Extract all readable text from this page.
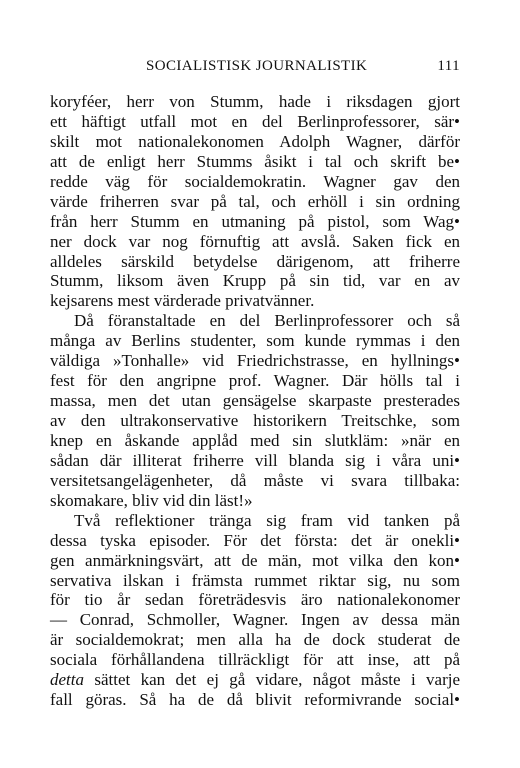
SOCIALISTISK JOURNALISTIK	111
koryféer, herr von Stumm, hade i riksdagen gjort
ett häftigt utfall mot en del Berlinprofessorer, sär•
skilt mot nationalekonomen Adolph Wagner, därför
att de enligt herr Stumms åsikt i tal och skrift be•
redde väg för socialdemokratin. Wagner gav den
värde friherren svar på tal, och erhöll i sin ordning
från herr Stumm en utmaning på pistol, som Wag•
ner dock var nog förnuftig att avslå. Saken fick en
alldeles särskild betydelse därigenom, att friherre
Stumm, liksom även Krupp på sin tid, var en av
kejsarens mest värderade privatvänner.
Då föranstaltade en del Berlinprofessorer och så
många av Berlins studenter, som kunde rymmas i den
väldiga »Tonhalle» vid Friedrichstrasse, en hyllnings•
fest för den angripne prof. Wagner. Där hölls tal i
massa, men det utan gensägelse skarpaste presterades
av den ultrakonservative historikern Treitschke, som
knep en åskande applåd med sin slutkläm: »när en
sådan där illiterat friherre vill blanda sig i våra uni•
versitetsangelägenheter, då måste vi svara tillbaka:
skomakare, bliv vid din läst!»
Två reflektioner tränga sig fram vid tanken på
dessa tyska episoder. För det första: det är onekli•
gen anmärkningsvärt, att de män, mot vilka den kon•
servativa ilskan i främsta rummet riktar sig, nu som
för tio år sedan företrädesvis äro nationalekonomer
— Conrad, Schmoller, Wagner. Ingen av dessa män
är socialdemokrat; men alla ha de dock studerat de
sociala förhållandena tillräckligt för att inse, att på
detta sättet kan det ej gå vidare, något måste i varje
fall göras. Så ha de då blivit reformivrande social•
